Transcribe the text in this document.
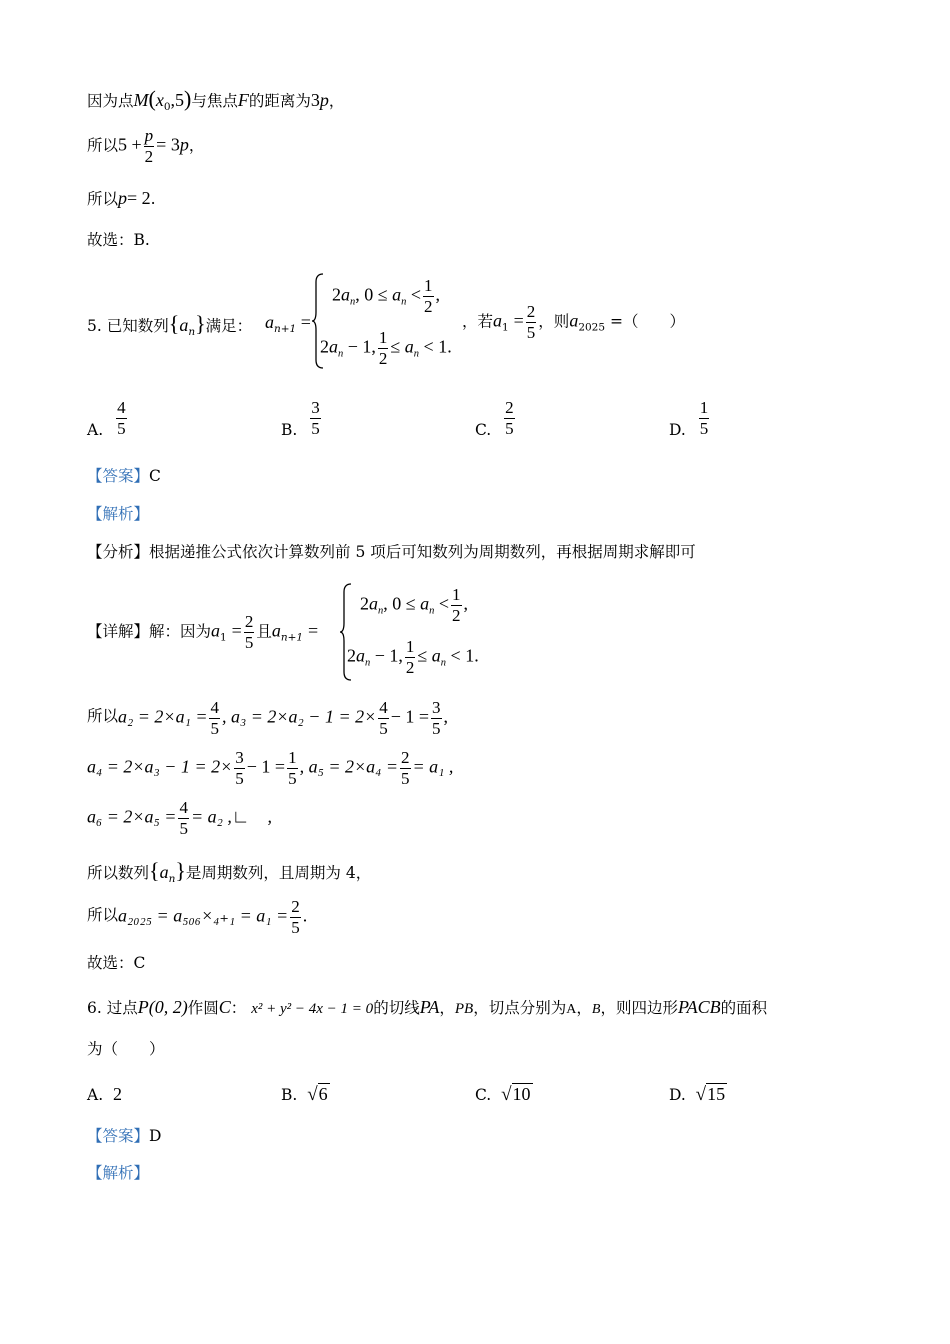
因为点$M(x_0,5)$与焦点F的距离为3p，
所以$5 + \frac{p}{2} = 3p$，
所以p= 2.
故选：B.
5. 已知数列$\{a_n\}$满足： $a_{n+1}$ =
$2a_n$, $0 \le a_n < \frac{1}{2}$ ,
$2a_n - 1$, $\frac{1}{2} \le a_n < 1$.
，若$a_1 = \frac{2}{5}$ ，则$a_{2025}$ =（　　）
A. $\frac{4}{5}$	B. $\frac{3}{5}$	C. $\frac{2}{5}$	D. $\frac{1}{5}$
【答案】C
【解析】
【分析】根据递推公式依次计算数列前 5 项后可知数列为周期数列，再根据周期求解即可
【详解】解：因为$a_1 = \frac{2}{5}$ 且$a_{n+1}$ =
$2a_n$, $0 \le a_n < \frac{1}{2}$ ,
$2a_n - 1$, $\frac{1}{2} \le a_n < 1$.
所以$a_2 = 2\times a_1 = \frac{4}{5}$ , $a_3 = 2\times a_2 - 1 = 2\times \frac{4}{5} - 1 = \frac{3}{5}$ ,
$a_4 = 2\times a_3 - 1 = 2\times \frac{3}{5} - 1 = \frac{1}{5}$ , $a_5 = 2\times a_4 = \frac{2}{5} = a_1$ ,
$a_6 = 2\times a_5 = \frac{4}{5} = a_2$ ,∟　,
所以数列$\{a_n\}$是周期数列，且周期为 4，
所以$a_{2025} = a_{506}\times_{4+1} = a_1 = \frac{2}{5}$ .
故选：C
6. 过点P(0, 2)作圆C： x² + y² − 4x − 1 = 0的切线PA，PB，切点分别为A，B，则四边形PACB的面积
为（　　）
A. 2	B. √6	C. √10	D. √15
【答案】D
【解析】
